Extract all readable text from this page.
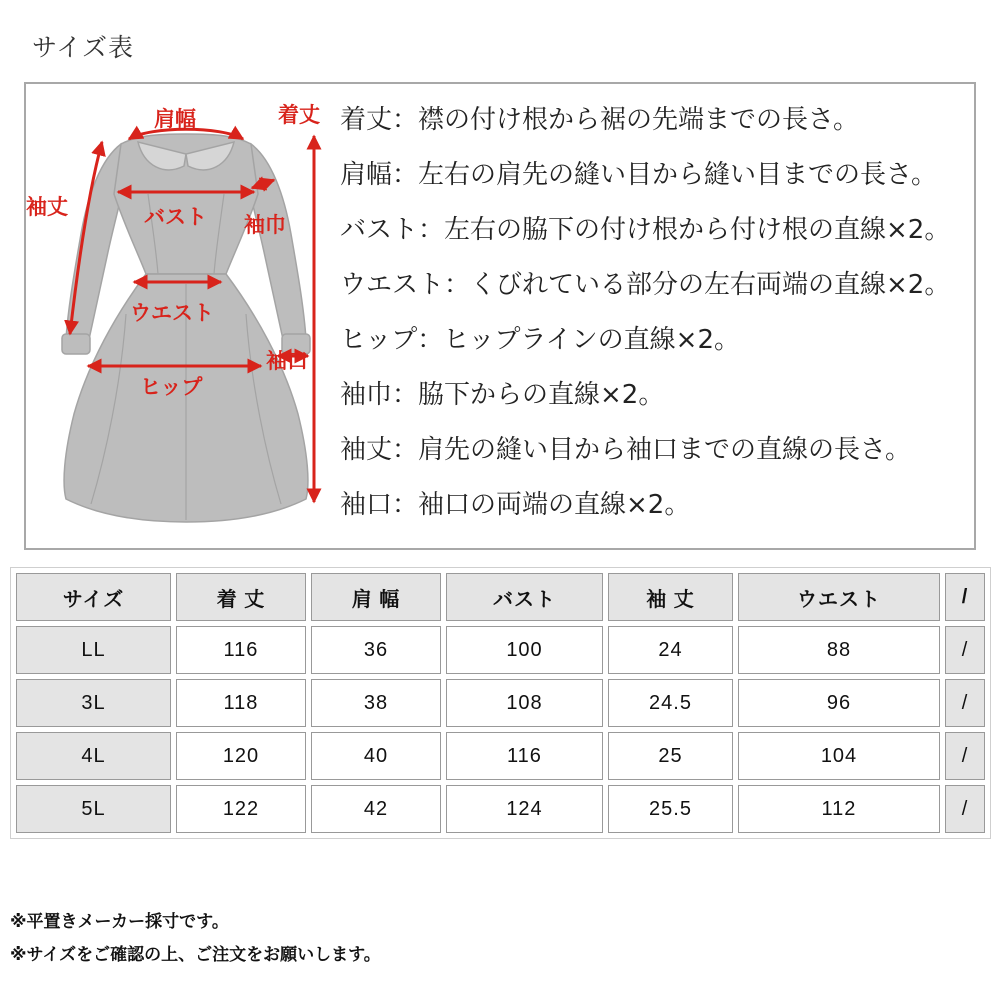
サイズ表
肩幅	着丈
袖丈	バスト 袖巾
ウエスト
袖口
ヒップ
着丈：襟の付け根から裾の先端までの長さ。
肩幅：左右の肩先の縫い目から縫い目までの長さ。
バスト：左右の脇下の付け根から付け根の直線×2。
ウエスト：くびれている部分の左右両端の直線×2。
ヒップ：ヒップラインの直線×2。
袖巾：脇下からの直線×2。
袖丈：肩先の縫い目から袖口までの直線の長さ。
袖口：袖口の両端の直線×2。
サイズ	着 丈	肩 幅	バスト	袖 丈	ウエスト	/
LL	116	36	100	24	88	/
3L	118	38	108	24.5	96	/
4L	120	40	116	25	104	/
5L	122	42	124	25.5	112	/
※平置きメーカー採寸です。
※サイズをご確認の上、ご注文をお願いします。
